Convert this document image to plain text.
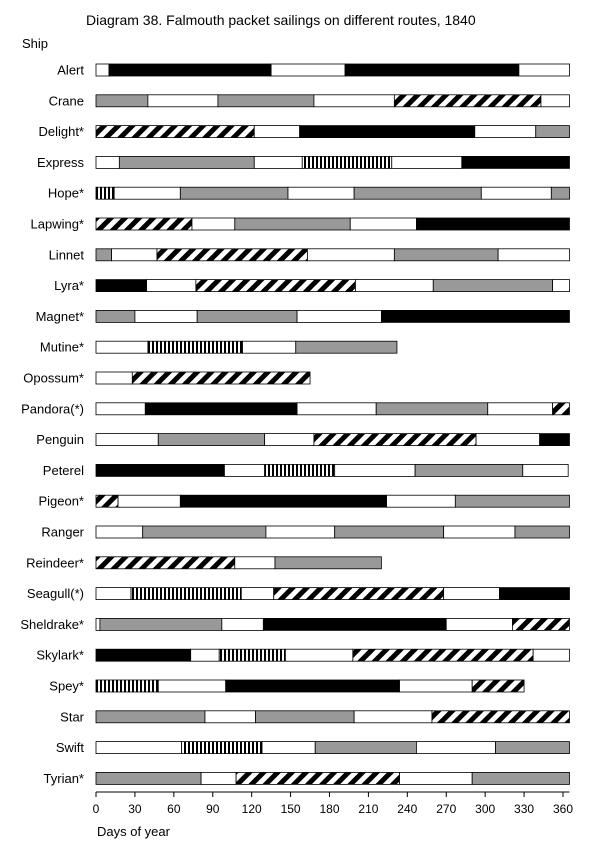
Diagram 38. Falmouth packet sailings on different routes, 1840
Ship
Days of year
Alert
Crane
Delight*
Express
Hope*
Lapwing*
Linnet
Lyra*
Magnet*
Mutine*
Opossum*
Pandora(*)
Penguin
Peterel
Pigeon*
Ranger
Reindeer*
Seagull(*)
Sheldrake*
Skylark*
Spey*
Star
Swift
Tyrian*
0 30 60 90 120 150 180 210 240 270 300 330 360
